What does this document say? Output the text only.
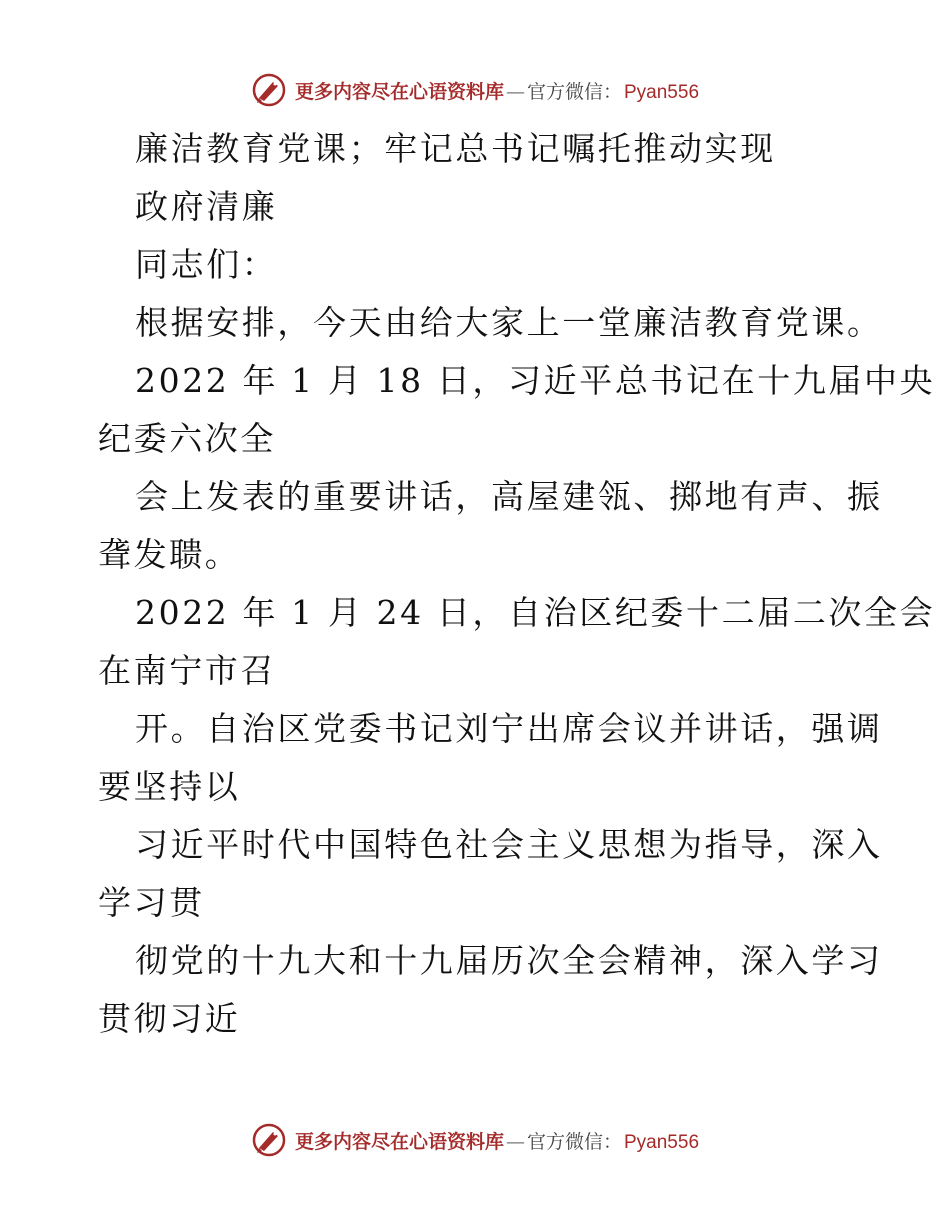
更多内容尽在心语资料库 — 官方微信： Pyan556
廉洁教育党课；牢记总书记嘱托推动实现
政府清廉
同志们：
根据安排，今天由给大家上一堂廉洁教育党课。
2022 年 1 月 18 日，习近平总书记在十九届中央
纪委六次全
会上发表的重要讲话，高屋建瓴、掷地有声、振
聋发聩。
2022 年 1 月 24 日，自治区纪委十二届二次全会
在南宁市召
开。自治区党委书记刘宁出席会议并讲话，强调
要坚持以
习近平时代中国特色社会主义思想为指导，深入
学习贯
彻党的十九大和十九届历次全会精神，深入学习
贯彻习近
更多内容尽在心语资料库 — 官方微信： Pyan556
